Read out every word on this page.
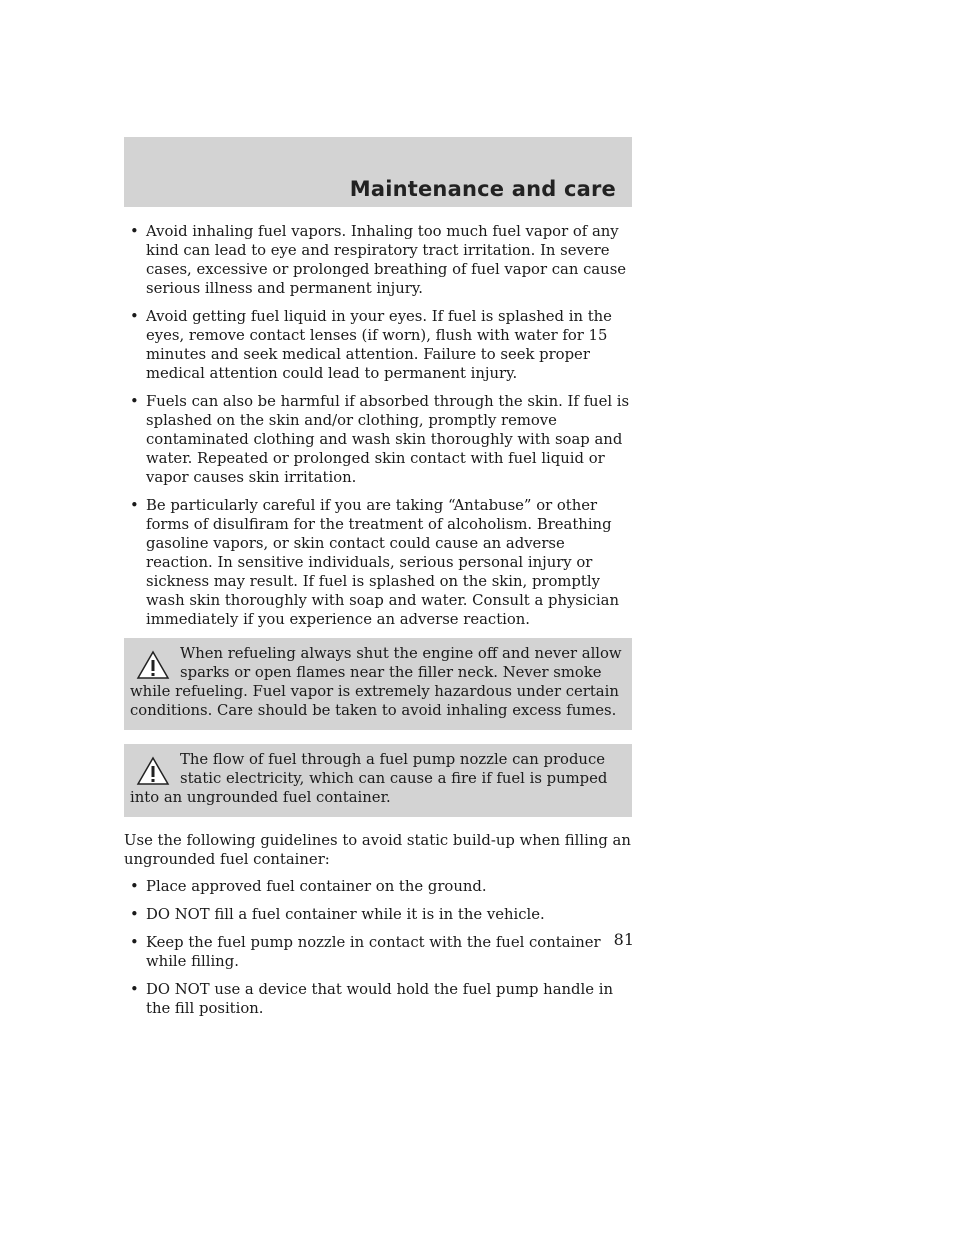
Maintenance and care
• Avoid inhaling fuel vapors. Inhaling too much fuel vapor of any kind can lead to eye and respiratory tract irritation. In severe cases, excessive or prolonged breathing of fuel vapor can cause serious illness and permanent injury.
• Avoid getting fuel liquid in your eyes. If fuel is splashed in the eyes, remove contact lenses (if worn), flush with water for 15 minutes and seek medical attention. Failure to seek proper medical attention could lead to permanent injury.
• Fuels can also be harmful if absorbed through the skin. If fuel is splashed on the skin and/or clothing, promptly remove contaminated clothing and wash skin thoroughly with soap and water. Repeated or prolonged skin contact with fuel liquid or vapor causes skin irritation.
• Be particularly careful if you are taking “Antabuse” or other forms of disulfiram for the treatment of alcoholism. Breathing gasoline vapors, or skin contact could cause an adverse reaction. In sensitive individuals, serious personal injury or sickness may result. If fuel is splashed on the skin, promptly wash skin thoroughly with soap and water. Consult a physician immediately if you experience an adverse reaction.
When refueling always shut the engine off and never allow sparks or open flames near the filler neck. Never smoke while refueling. Fuel vapor is extremely hazardous under certain conditions. Care should be taken to avoid inhaling excess fumes.
The flow of fuel through a fuel pump nozzle can produce static electricity, which can cause a fire if fuel is pumped into an ungrounded fuel container.

Use the following guidelines to avoid static build-up when filling an ungrounded fuel container:

• Place approved fuel container on the ground.
• DO NOT fill a fuel container while it is in the vehicle.
• Keep the fuel pump nozzle in contact with the fuel container while filling.
• DO NOT use a device that would hold the fuel pump handle in the fill position.
81
